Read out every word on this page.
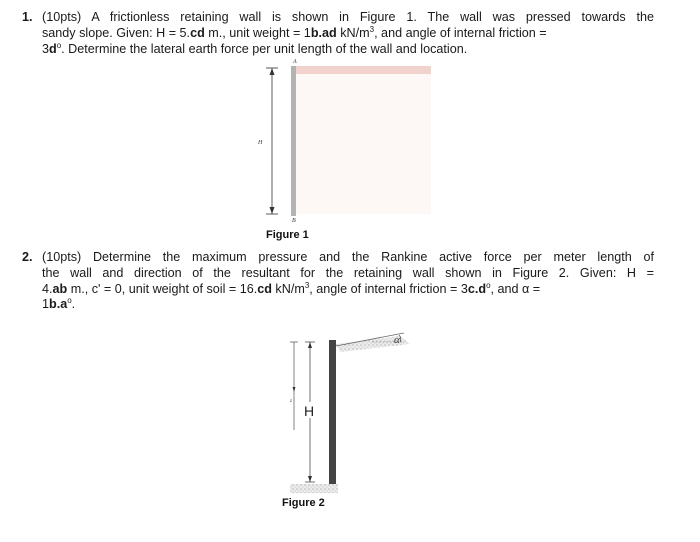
1. (10pts) A frictionless retaining wall is shown in Figure 1. The wall was pressed towards the
sandy slope. Given: H = 5.cd m., unit weight = 1b.ad $kN/m^3$, and angle of internal friction =
$3d^o$. Determine the lateral earth force per unit length of the wall and location.
A
H
B
Figure 1
2. (10pts) Determine the maximum pressure and the Rankine active force per meter length of
the wall and direction of the resultant for the retaining wall shown in Figure 2. Given: H =
4.ab m., c' = 0, unit weight of soil = 16.cd $kN/m^3$, angle of internal friction = $3c.d^o$, and α =
$1b.a^o$.
α
z
H
Figure 2
